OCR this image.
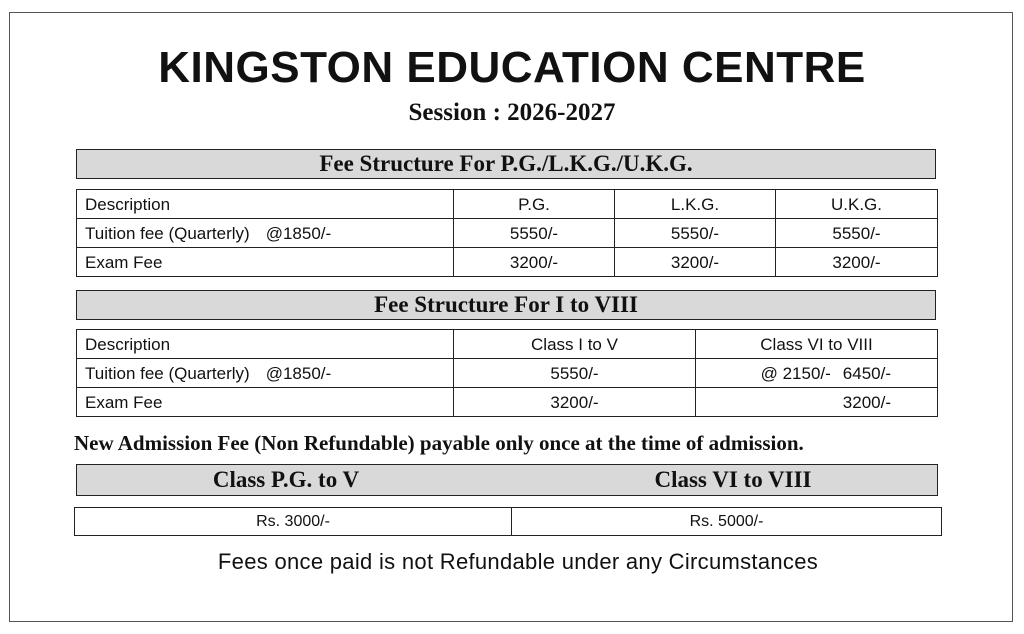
KINGSTON EDUCATION CENTRE
Session : 2026-2027
Fee Structure For P.G./L.K.G./U.K.G.
Description	P.G.	L.K.G.	U.K.G.
Tuition fee (Quarterly) @1850/-	5550/-	5550/-	5550/-
Exam Fee	3200/-	3200/-	3200/-
Fee Structure For I to VIII
Description	Class I to V	Class VI to VIII
Tuition fee (Quarterly) @1850/-	5550/-	@ 2150/- 6450/-
Exam Fee	3200/-	3200/-
New Admission Fee (Non Refundable) payable only once at the time of admission.
Class P.G. to V	Class VI to VIII
Rs. 3000/-	Rs. 5000/-
Fees once paid is not Refundable under any Circumstances
